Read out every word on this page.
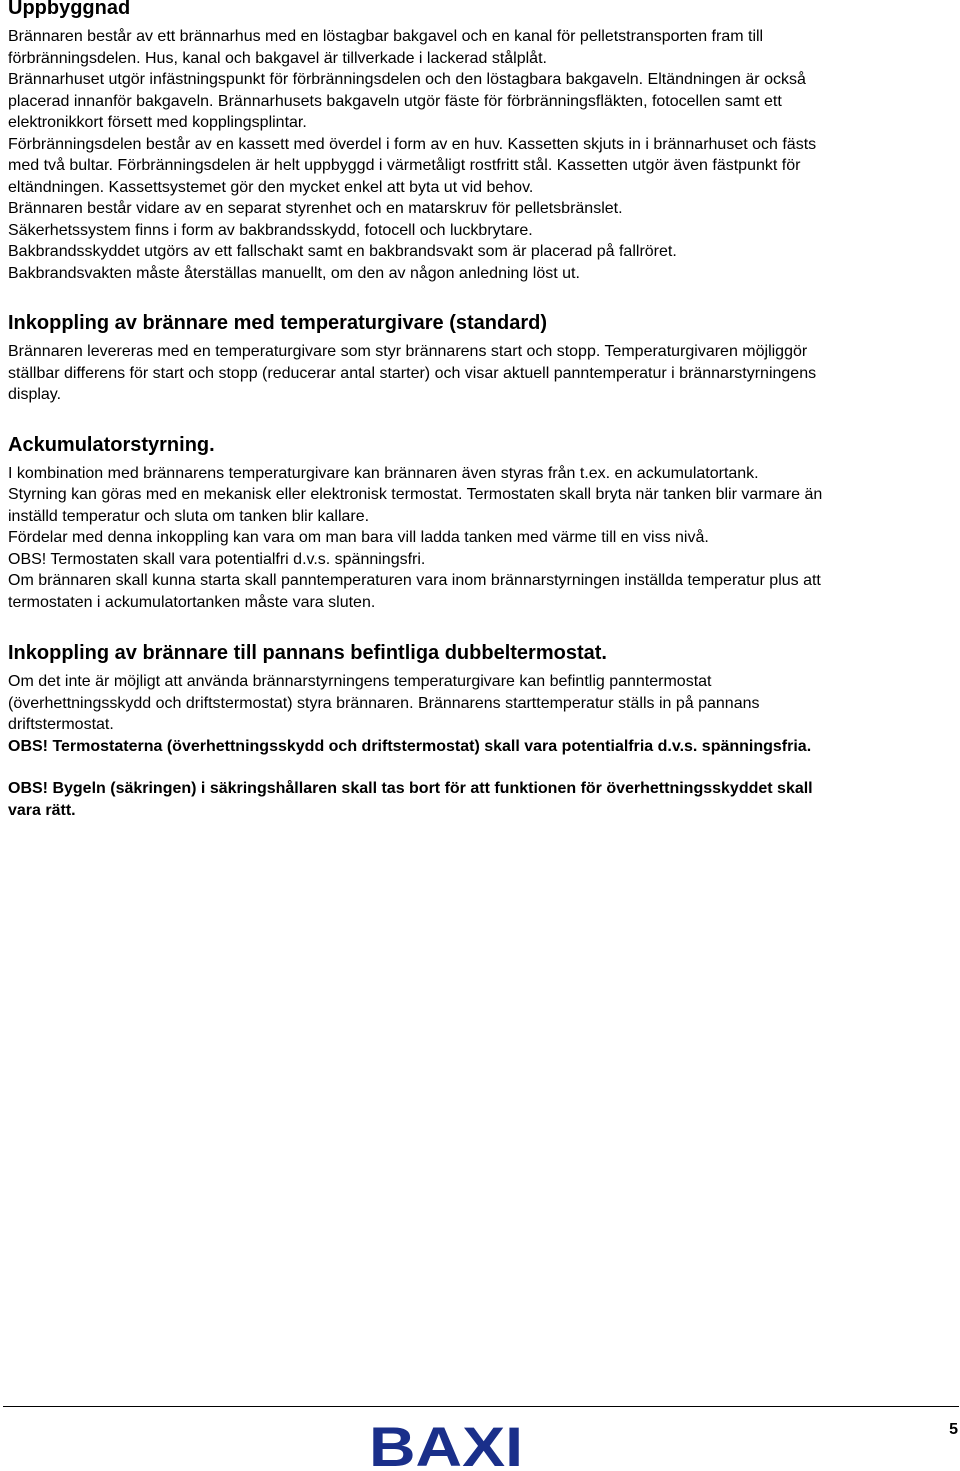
Uppbyggnad

Brännaren består av ett brännarhus med en löstagbar bakgavel och en kanal för pelletstransporten fram till
förbränningsdelen. Hus, kanal och bakgavel är tillverkade i lackerad stålplåt.
Brännarhuset utgör infästningspunkt för förbränningsdelen och den löstagbara bakgaveln. Eltändningen är också
placerad innanför bakgaveln. Brännarhusets bakgaveln utgör fäste för förbränningsfläkten, fotocellen samt ett
elektronikkort försett med kopplingsplintar.
Förbränningsdelen består av en kassett med överdel i form av en huv. Kassetten skjuts in i brännarhuset och fästs
med två bultar. Förbränningsdelen är helt uppbyggd i värmetåligt rostfritt stål. Kassetten utgör även fästpunkt för
eltändningen. Kassettsystemet gör den mycket enkel att byta ut vid behov.
Brännaren består vidare av en separat styrenhet och en matarskruv för pelletsbränslet.
Säkerhetssystem finns i form av bakbrandsskydd, fotocell och luckbrytare.
Bakbrandsskyddet utgörs av ett fallschakt samt en bakbrandsvakt som är placerad på fallröret.
Bakbrandsvakten måste återställas manuellt, om den av någon anledning löst ut.

Inkoppling av brännare med temperaturgivare (standard)

Brännaren levereras med en temperaturgivare som styr brännarens start och stopp. Temperaturgivaren möjliggör
ställbar differens för start och stopp (reducerar antal starter) och visar aktuell panntemperatur i brännarstyrningens
display.

Ackumulatorstyrning.

I kombination med brännarens temperaturgivare kan brännaren även styras från t.ex. en ackumulatortank.
Styrning kan göras med en mekanisk eller elektronisk termostat. Termostaten skall bryta när tanken blir varmare än
inställd temperatur och sluta om tanken blir kallare.
Fördelar med denna inkoppling kan vara om man bara vill ladda tanken med värme till en viss nivå.
OBS! Termostaten skall vara potentialfri d.v.s. spänningsfri.
Om brännaren skall kunna starta skall panntemperaturen vara inom brännarstyrningen inställda temperatur plus att
termostaten i ackumulatortanken måste vara sluten.

Inkoppling av brännare till pannans befintliga dubbeltermostat.

Om det inte är möjligt att använda brännarstyrningens temperaturgivare kan befintlig panntermostat
(överhettningsskydd och driftstermostat) styra brännaren. Brännarens starttemperatur ställs in på pannans
driftstermostat.
OBS! Termostaterna (överhettningsskydd och driftstermostat) skall vara potentialfria d.v.s. spänningsfria.

OBS! Bygeln (säkringen) i säkringshållaren skall tas bort för att funktionen för överhettningsskyddet skall
vara rätt.

BAXI	5
